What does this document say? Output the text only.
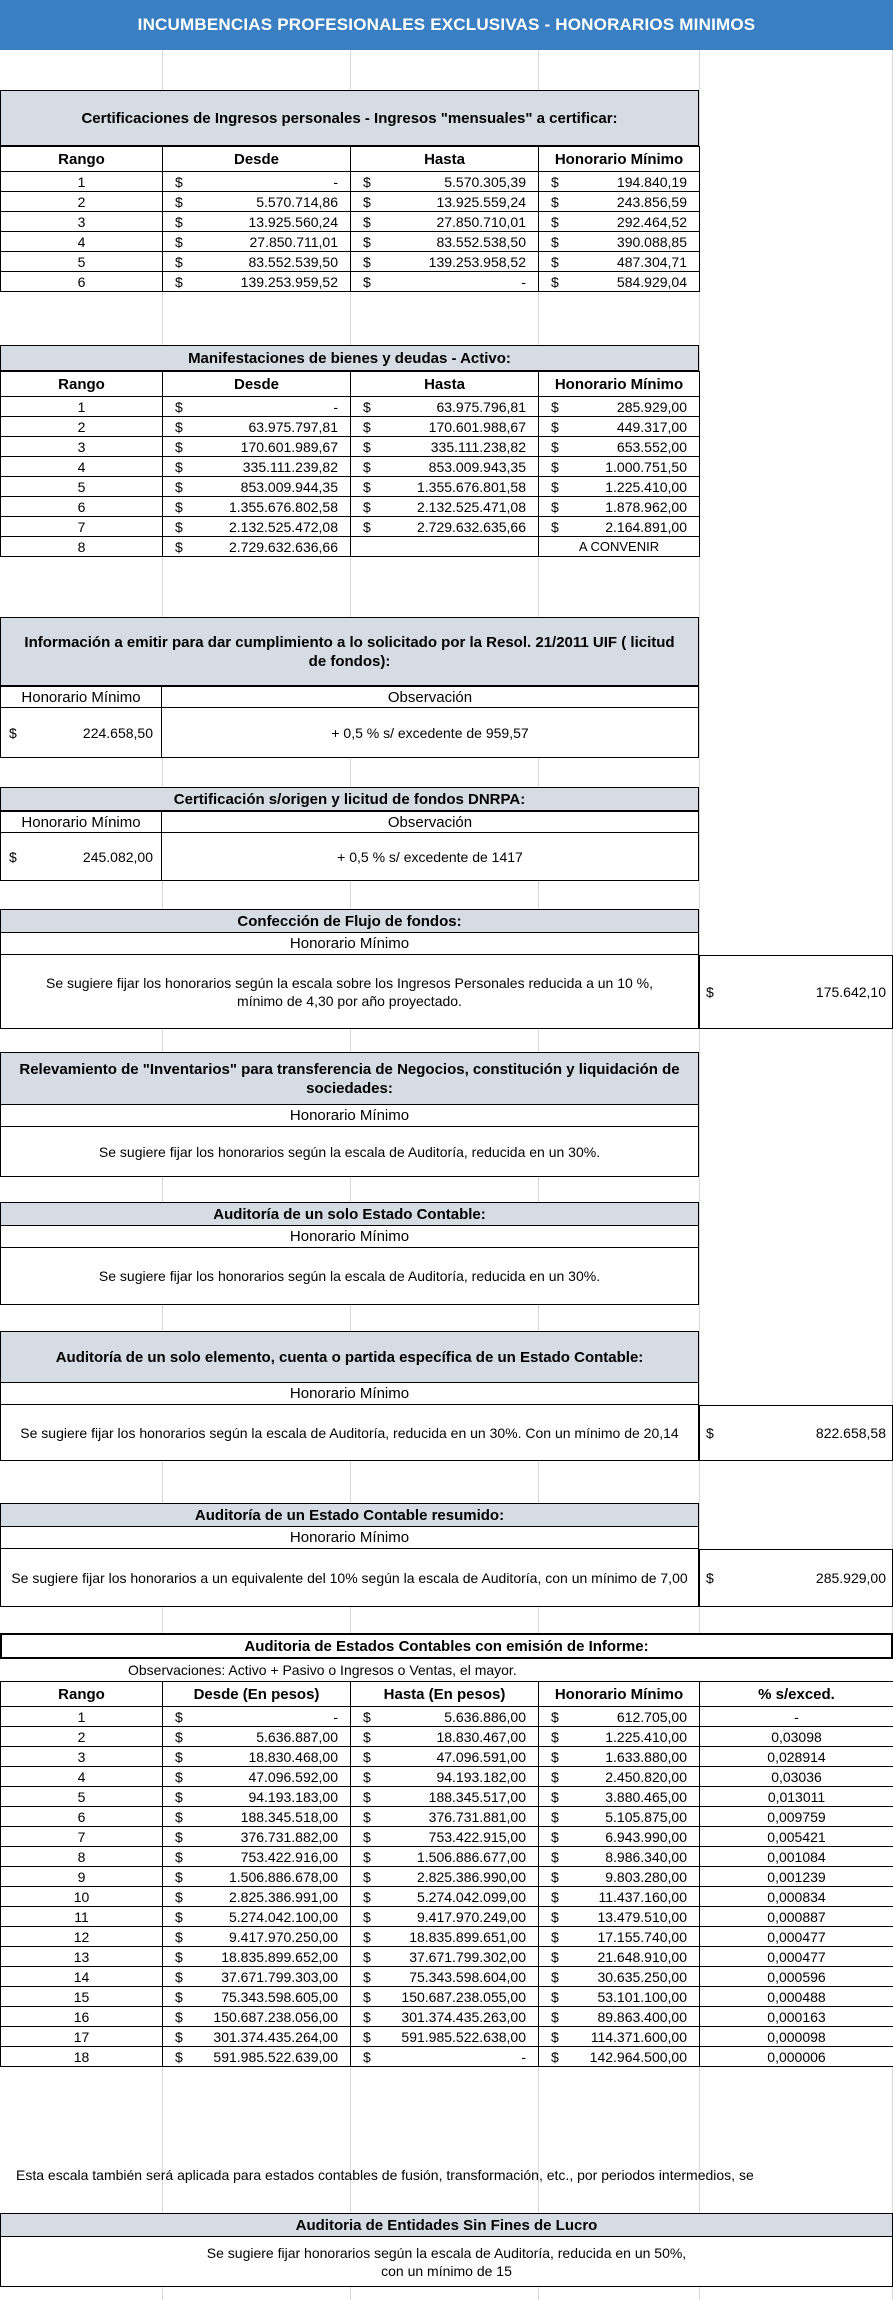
INCUMBENCIAS PROFESIONALES EXCLUSIVAS - HONORARIOS MINIMOS
Certificaciones de Ingresos personales - Ingresos "mensuales" a certificar:
Rango	Desde	Hasta	Honorario Mínimo
1	$ -	$ 5.570.305,39	$ 194.840,19

2	$ 5.570.714,86	$ 13.925.559,24	$ 243.856,59

3	$ 13.925.560,24	$ 27.850.710,01	$ 292.464,52

4	$ 27.850.711,01	$ 83.552.538,50	$ 390.088,85

5	$ 83.552.539,50	$ 139.253.958,52	$ 487.304,71

6	$ 139.253.959,52	$ -	$ 584.929,04
Manifestaciones de bienes y deudas - Activo:
Rango	Desde	Hasta	Honorario Mínimo
1	$ -	$ 63.975.796,81	$ 285.929,00

2	$ 63.975.797,81	$ 170.601.988,67	$ 449.317,00

3	$ 170.601.989,67	$ 335.111.238,82	$ 653.552,00

4	$ 335.111.239,82	$ 853.009.943,35	$ 1.000.751,50

5	$ 853.009.944,35	$ 1.355.676.801,58	$ 1.225.410,00

6	$ 1.355.676.802,58	$ 2.132.525.471,08	$ 1.878.962,00

7	$ 2.132.525.472,08	$ 2.729.632.635,66	$ 2.164.891,00

8	$ 2.729.632.636,66		A CONVENIR
Información a emitir para dar cumplimiento a lo solicitado por la Resol. 21/2011 UIF ( licitud de fondos):
Honorario Mínimo	Observación
$	224.658,50	+ 0,5 % s/ excedente de 959,57
Certificación s/origen y licitud de fondos DNRPA:
Honorario Mínimo	Observación
$	245.082,00	+ 0,5 % s/ excedente de 1417
Confección de Flujo de fondos:
Honorario Mínimo
Se sugiere fijar los honorarios según la escala sobre los Ingresos Personales reducida a un 10 %,
mínimo de 4,30 por año proyectado.
$	175.642,10
Relevamiento de "Inventarios" para transferencia de Negocios, constitución y liquidación de sociedades:
Honorario Mínimo
Se sugiere fijar los honorarios según la escala de Auditoría, reducida en un 30%.
Auditoría de un solo Estado Contable:
Honorario Mínimo
Se sugiere fijar los honorarios según la escala de Auditoría, reducida en un 30%.
Auditoría de un solo elemento, cuenta o partida específica de un Estado Contable:
Honorario Mínimo
Se sugiere fijar los honorarios según la escala de Auditoría, reducida en un 30%. Con un mínimo de 20,14	$	822.658,58
Auditoría de un Estado Contable resumido:
Honorario Mínimo
Se sugiere fijar los honorarios a un equivalente del 10% según la escala de Auditoría, con un mínimo de 7,00	$	285.929,00
Auditoria de Estados Contables con emisión de Informe:
Observaciones: Activo + Pasivo o Ingresos o Ventas, el mayor.
Rango	Desde (En pesos)	Hasta (En pesos)	Honorario Mínimo	% s/exced.
1	$ -	$ 5.636.886,00	$ 612.705,00	-
2	$ 5.636.887,00	$ 18.830.467,00	$ 1.225.410,00	0,03098
3	$ 18.830.468,00	$ 47.096.591,00	$ 1.633.880,00	0,028914
4	$ 47.096.592,00	$ 94.193.182,00	$ 2.450.820,00	0,03036
5	$ 94.193.183,00	$ 188.345.517,00	$ 3.880.465,00	0,013011
6	$ 188.345.518,00	$ 376.731.881,00	$ 5.105.875,00	0,009759
7	$ 376.731.882,00	$ 753.422.915,00	$ 6.943.990,00	0,005421
8	$ 753.422.916,00	$ 1.506.886.677,00	$ 8.986.340,00	0,001084
9	$ 1.506.886.678,00	$ 2.825.386.990,00	$ 9.803.280,00	0,001239
10	$ 2.825.386.991,00	$ 5.274.042.099,00	$ 11.437.160,00	0,000834
11	$ 5.274.042.100,00	$ 9.417.970.249,00	$ 13.479.510,00	0,000887
12	$ 9.417.970.250,00	$ 18.835.899.651,00	$ 17.155.740,00	0,000477
13	$ 18.835.899.652,00	$ 37.671.799.302,00	$ 21.648.910,00	0,000477
14	$ 37.671.799.303,00	$ 75.343.598.604,00	$ 30.635.250,00	0,000596
15	$ 75.343.598.605,00	$ 150.687.238.055,00	$ 53.101.100,00	0,000488
16	$ 150.687.238.056,00	$ 301.374.435.263,00	$ 89.863.400,00	0,000163
17	$ 301.374.435.264,00	$ 591.985.522.638,00	$ 114.371.600,00	0,000098
18	$ 591.985.522.639,00	$ -	$ 142.964.500,00	0,000006
Esta escala también será aplicada para estados contables de fusión, transformación, etc., por periodos intermedios, se
Auditoria de Entidades Sin Fines de Lucro
Se sugiere fijar honorarios según la escala de Auditoría, reducida en un 50%,
con un mínimo de 15
